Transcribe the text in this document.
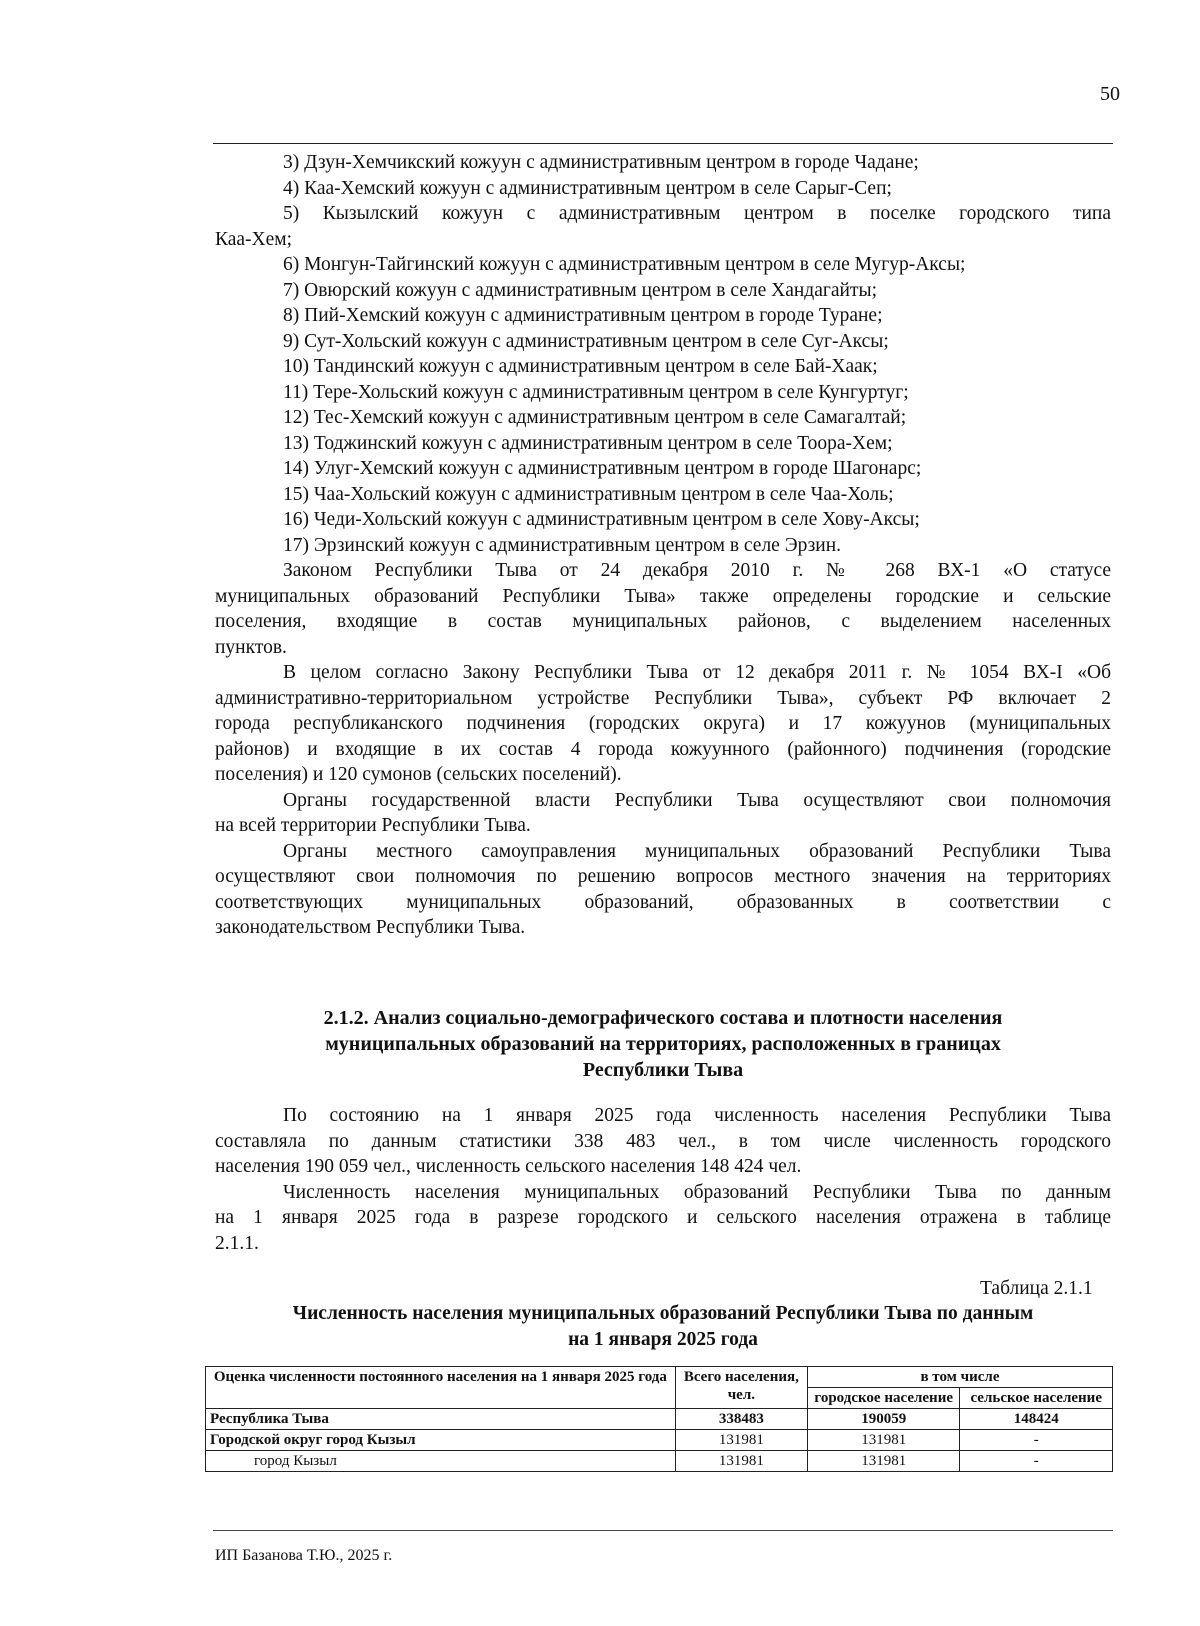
50
3) Дзун-Хемчикский кожуун с административным центром в городе Чадане;
4) Каа-Хемский кожуун с административным центром в селе Сарыг-Сеп;
5) Кызылский кожуун с административным центром в поселке городского типа
Каа-Хем;
6) Монгун-Тайгинский кожуун с административным центром в селе Мугур-Аксы;
7) Овюрский кожуун с административным центром в селе Хандагайты;
8) Пий-Хемский кожуун с административным центром в городе Туране;
9) Сут-Хольский кожуун с административным центром в селе Суг-Аксы;
10) Тандинский кожуун с административным центром в селе Бай-Хаак;
11) Тере-Хольский кожуун с административным центром в селе Кунгуртуг;
12) Тес-Хемский кожуун с административным центром в селе Самагалтай;
13) Тоджинский кожуун с административным центром в селе Тоора-Хем;
14) Улуг-Хемский кожуун с административным центром в городе Шагонарс;
15) Чаа-Хольский кожуун с административным центром в селе Чаа-Холь;
16) Чеди-Хольский кожуун с административным центром в селе Хову-Аксы;
17) Эрзинский кожуун с административным центром в селе Эрзин.
Законом Республики Тыва от 24 декабря 2010 г. № 268 ВХ-1 «О статусе
муниципальных образований Республики Тыва» также определены городские и сельские
поселения, входящие в состав муниципальных районов, с выделением населенных
пунктов.
В целом согласно Закону Республики Тыва от 12 декабря 2011 г. № 1054 ВХ-I «Об
административно-территориальном устройстве Республики Тыва», субъект РФ включает 2
города республиканского подчинения (городских округа) и 17 кожуунов (муниципальных
районов) и входящие в их состав 4 города кожуунного (районного) подчинения (городские
поселения) и 120 сумонов (сельских поселений).
Органы государственной власти Республики Тыва осуществляют свои полномочия
на всей территории Республики Тыва.
Органы местного самоуправления муниципальных образований Республики Тыва
осуществляют свои полномочия по решению вопросов местного значения на территориях
соответствующих муниципальных образований, образованных в соответствии с
законодательством Республики Тыва.
2.1.2. Анализ социально-демографического состава и плотности населения
муниципальных образований на территориях, расположенных в границах
Республики Тыва
По состоянию на 1 января 2025 года численность населения Республики Тыва
составляла по данным статистики 338 483 чел., в том числе численность городского
населения 190 059 чел., численность сельского населения 148 424 чел.
Численность населения муниципальных образований Республики Тыва по данным
на 1 января 2025 года в разрезе городского и сельского населения отражена в таблице
2.1.1.
Таблица 2.1.1
Численность населения муниципальных образований Республики Тыва по данным
на 1 января 2025 года
Оценка численности постоянного населения на 1 января 2025 года	Всего населения, чел.	в том числе	
		городское население	сельское население
Республика Тыва	338483	190059	148424
Городской округ город Кызыл	131981	131981	-
город Кызыл	131981	131981	-
ИП Базанова Т.Ю., 2025 г.
